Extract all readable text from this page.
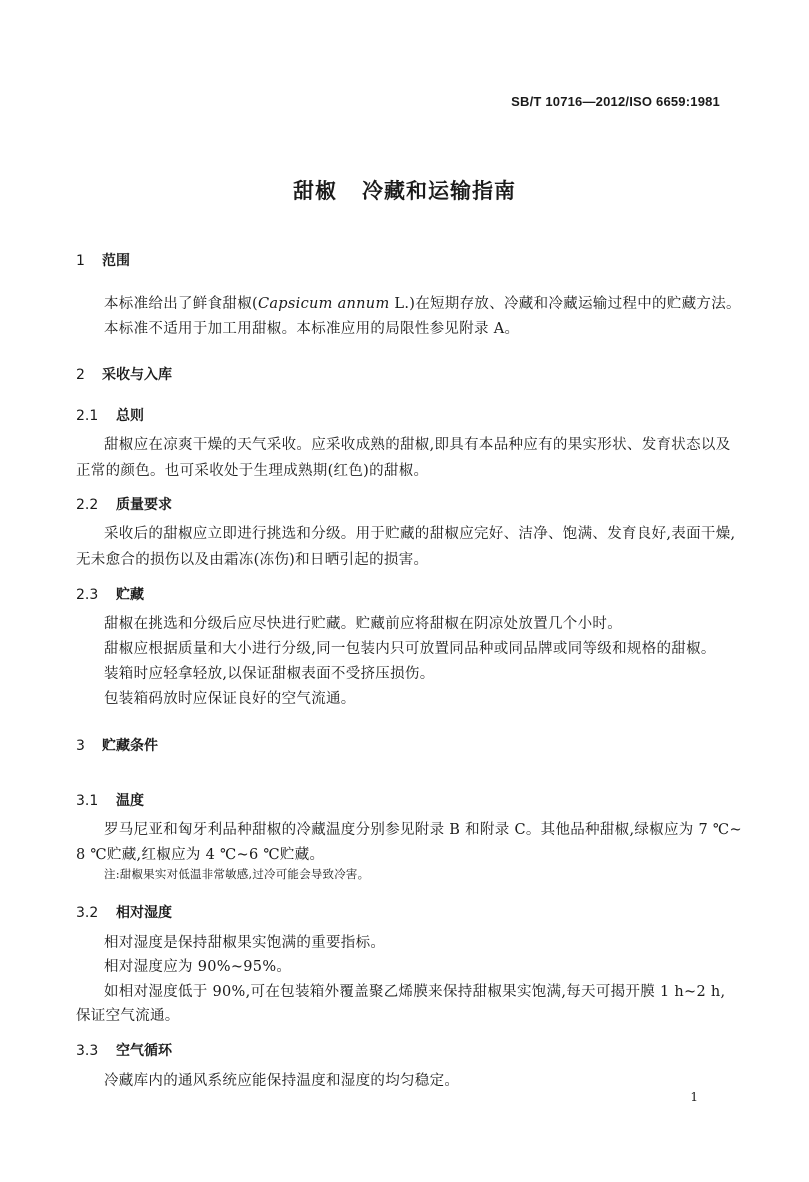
SB/T 10716—2012/ISO 6659:1981
甜椒   冷藏和运输指南
1 范围
本标准给出了鲜食甜椒(Capsicum annum L.)在短期存放、冷藏和冷藏运输过程中的贮藏方法。
本标准不适用于加工用甜椒。本标准应用的局限性参见附录 A。
2 采收与入库
2.1 总则
甜椒应在凉爽干燥的天气采收。应采收成熟的甜椒,即具有本品种应有的果实形状、发育状态以及
正常的颜色。也可采收处于生理成熟期(红色)的甜椒。
2.2 质量要求
采收后的甜椒应立即进行挑选和分级。用于贮藏的甜椒应完好、洁净、饱满、发育良好,表面干燥,
无未愈合的损伤以及由霜冻(冻伤)和日晒引起的损害。
2.3 贮藏
甜椒在挑选和分级后应尽快进行贮藏。贮藏前应将甜椒在阴凉处放置几个小时。
甜椒应根据质量和大小进行分级,同一包装内只可放置同品种或同品牌或同等级和规格的甜椒。
装箱时应轻拿轻放,以保证甜椒表面不受挤压损伤。
包装箱码放时应保证良好的空气流通。
3 贮藏条件
3.1 温度
罗马尼亚和匈牙利品种甜椒的冷藏温度分别参见附录 B 和附录 C。其他品种甜椒,绿椒应为 7 ℃~
8 ℃贮藏,红椒应为 4 ℃~6 ℃贮藏。
注:甜椒果实对低温非常敏感,过冷可能会导致冷害。
3.2 相对湿度
相对湿度是保持甜椒果实饱满的重要指标。
相对湿度应为 90%~95%。
如相对湿度低于 90%,可在包装箱外覆盖聚乙烯膜来保持甜椒果实饱满,每天可揭开膜 1 h~2 h,
保证空气流通。
3.3 空气循环
冷藏库内的通风系统应能保持温度和湿度的均匀稳定。
1
